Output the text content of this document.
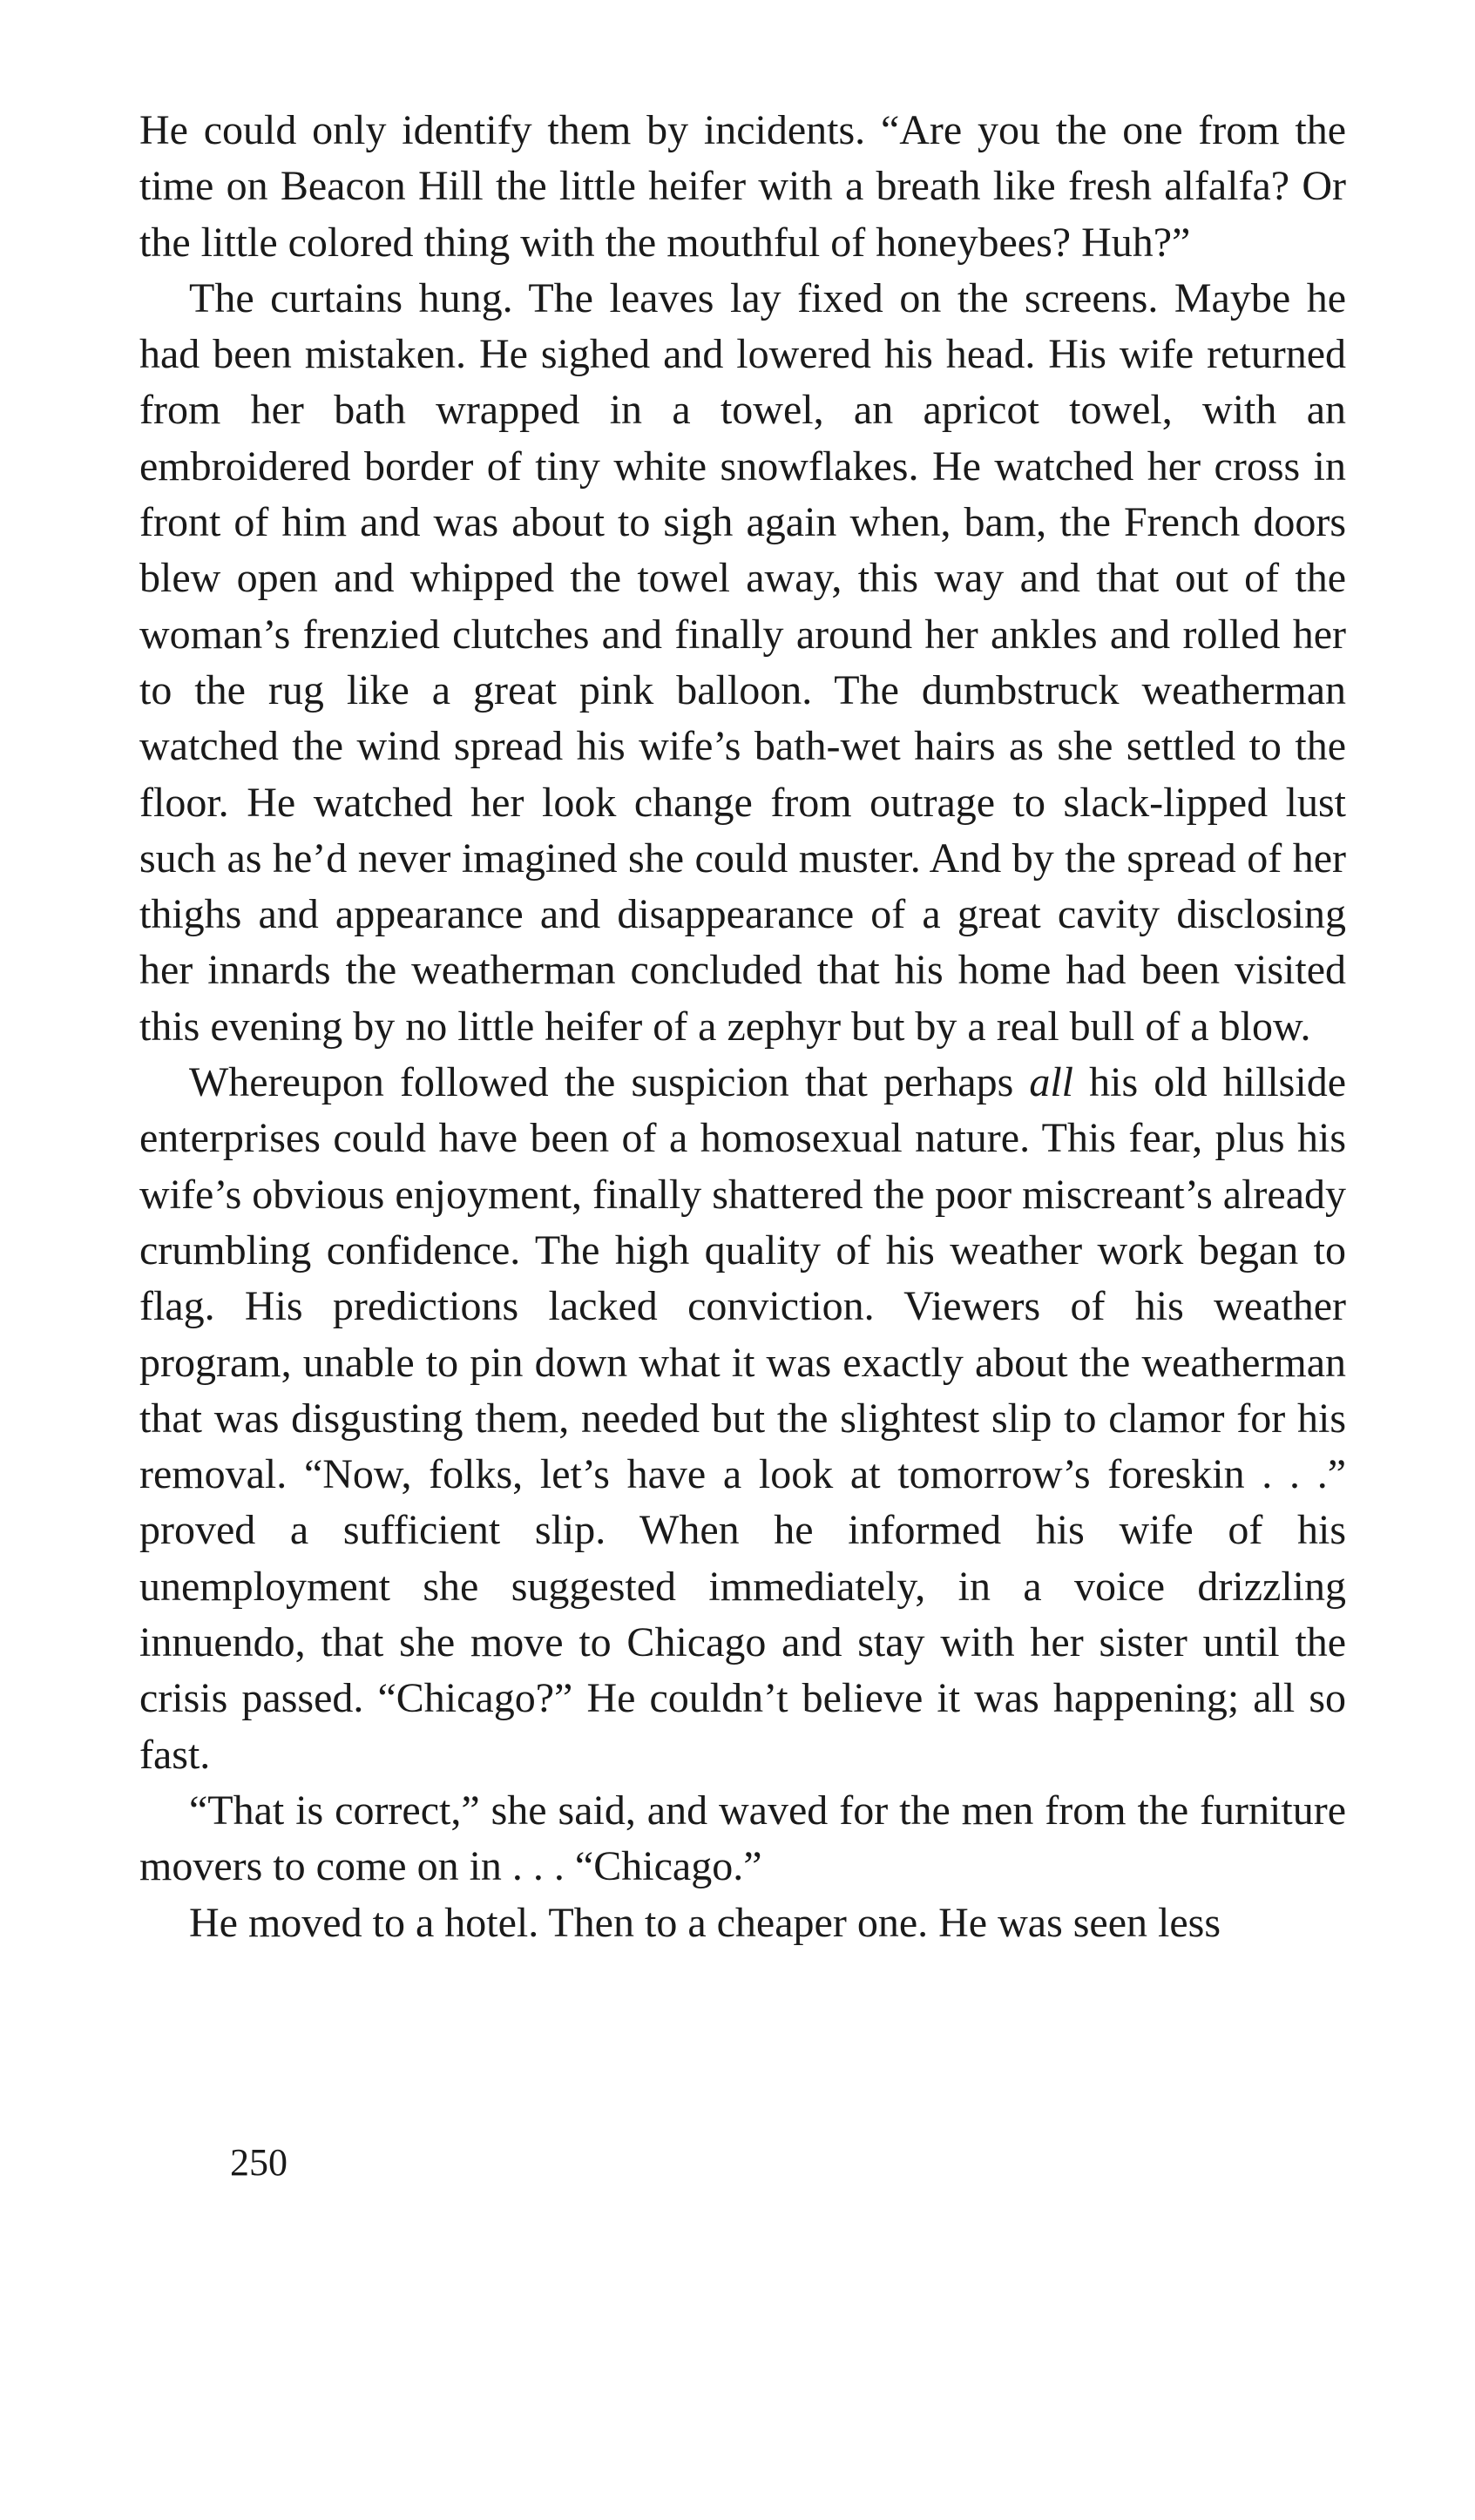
He could only identify them by incidents. “Are you the one from the time on Beacon Hill the little heifer with a breath like fresh alfalfa? Or the little colored thing with the mouthful of honeybees? Huh?”

The curtains hung. The leaves lay fixed on the screens. Maybe he had been mistaken. He sighed and lowered his head. His wife returned from her bath wrapped in a towel, an apricot towel, with an embroidered border of tiny white snowflakes. He watched her cross in front of him and was about to sigh again when, bam, the French doors blew open and whipped the towel away, this way and that out of the woman’s frenzied clutches and finally around her ankles and rolled her to the rug like a great pink balloon. The dumbstruck weatherman watched the wind spread his wife’s bath-wet hairs as she settled to the floor. He watched her look change from outrage to slack-lipped lust such as he’d never imagined she could muster. And by the spread of her thighs and appearance and disappearance of a great cavity disclosing her innards the weatherman concluded that his home had been visited this evening by no little heifer of a zephyr but by a real bull of a blow.

Whereupon followed the suspicion that perhaps all his old hillside enterprises could have been of a homosexual nature. This fear, plus his wife’s obvious enjoyment, finally shattered the poor miscreant’s already crumbling confidence. The high quality of his weather work began to flag. His predictions lacked conviction. Viewers of his weather program, unable to pin down what it was exactly about the weatherman that was disgusting them, needed but the slightest slip to clamor for his removal. “Now, folks, let’s have a look at tomorrow’s foreskin . . .” proved a sufficient slip. When he informed his wife of his unemployment she suggested immediately, in a voice drizzling innuendo, that she move to Chicago and stay with her sister until the crisis passed. “Chicago?” He couldn’t believe it was happening; all so fast.

“That is correct,” she said, and waved for the men from the furniture movers to come on in . . . “Chicago.”

He moved to a hotel. Then to a cheaper one. He was seen less

250
